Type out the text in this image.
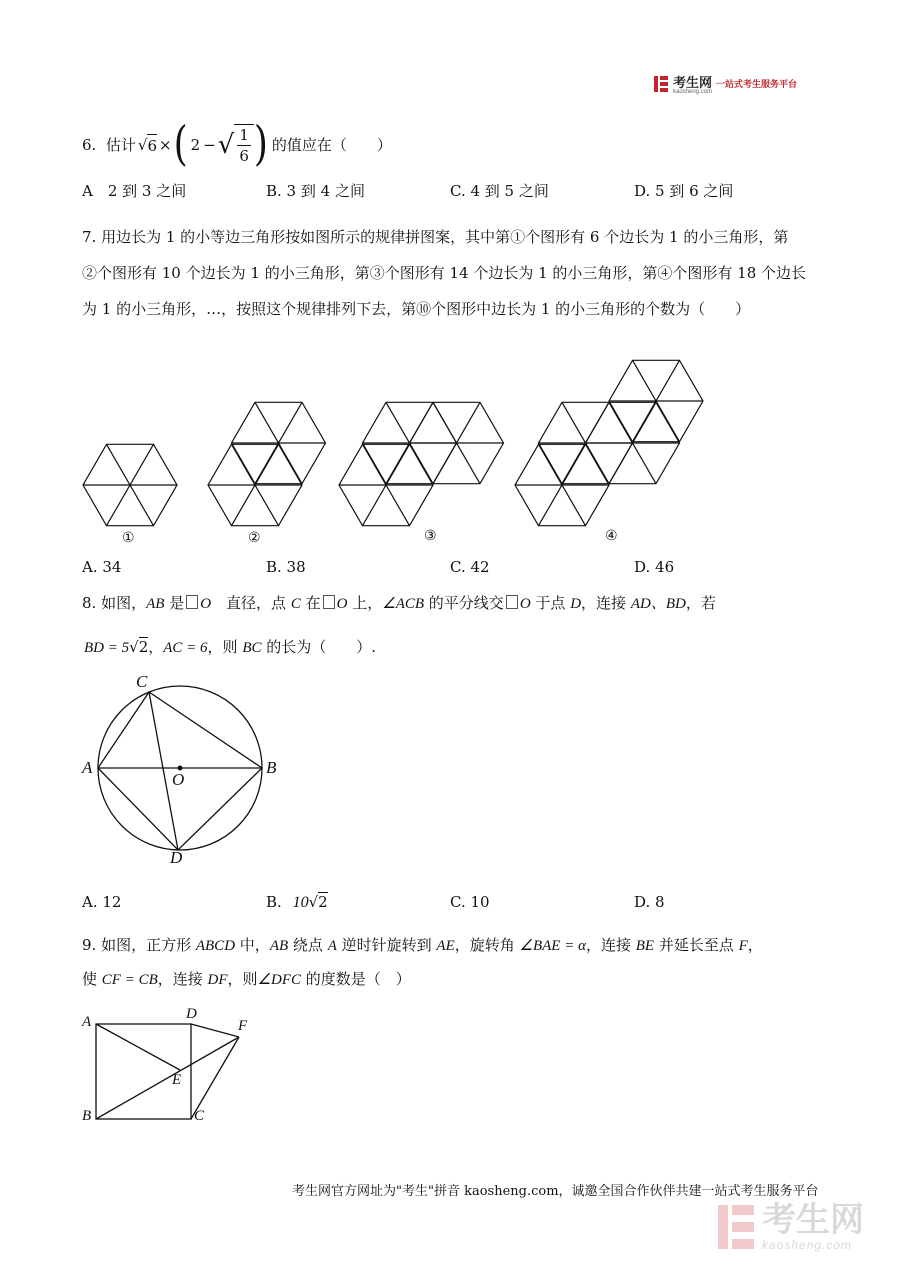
考生网
kaosheng.com
一站式考生服务平台
6.
估计 √ 6 × ( 2 − √ 1
6 ) 的值应在（　　）
A　2 到 3 之间	B. 3 到 4 之间	C. 4 到 5 之间	D. 5 到 6 之间
7. 用边长为 1 的小等边三角形按如图所示的规律拼图案，其中第①个图形有 6 个边长为 1 的小三角形，第
②个图形有 10 个边长为 1 的小三角形，第③个图形有 14 个边长为 1 的小三角形，第④个图形有 18 个边长
为 1 的小三角形，…，按照这个规律排列下去，第⑩个图形中边长为 1 的小三角形的个数为（　　）
①	②	③	④
A. 34	B. 38	C. 42	D. 46
8. 如图，AB 是 O　直径，点 C 在 O 上，∠ACB 的平分线交 O 于点 D，连接 AD、BD，若
BD = 5√2，AC = 6，则 BC 的长为（　　）.
C
A	B
O
D
A. 12	B. 10√2	C. 10	D. 8
9. 如图，正方形 ABCD 中，AB 绕点 A 逆时针旋转到 AE，旋转角 ∠BAE = α，连接 BE 并延长至点 F，
使 CF = CB，连接 DF，则∠DFC 的度数是（　）
A	D
F
E
B	C
考生网官方网址为"考生"拼音 kaosheng.com，诚邀全国合作伙伴共建一站式考生服务平台
考生网
kaosheng.com
